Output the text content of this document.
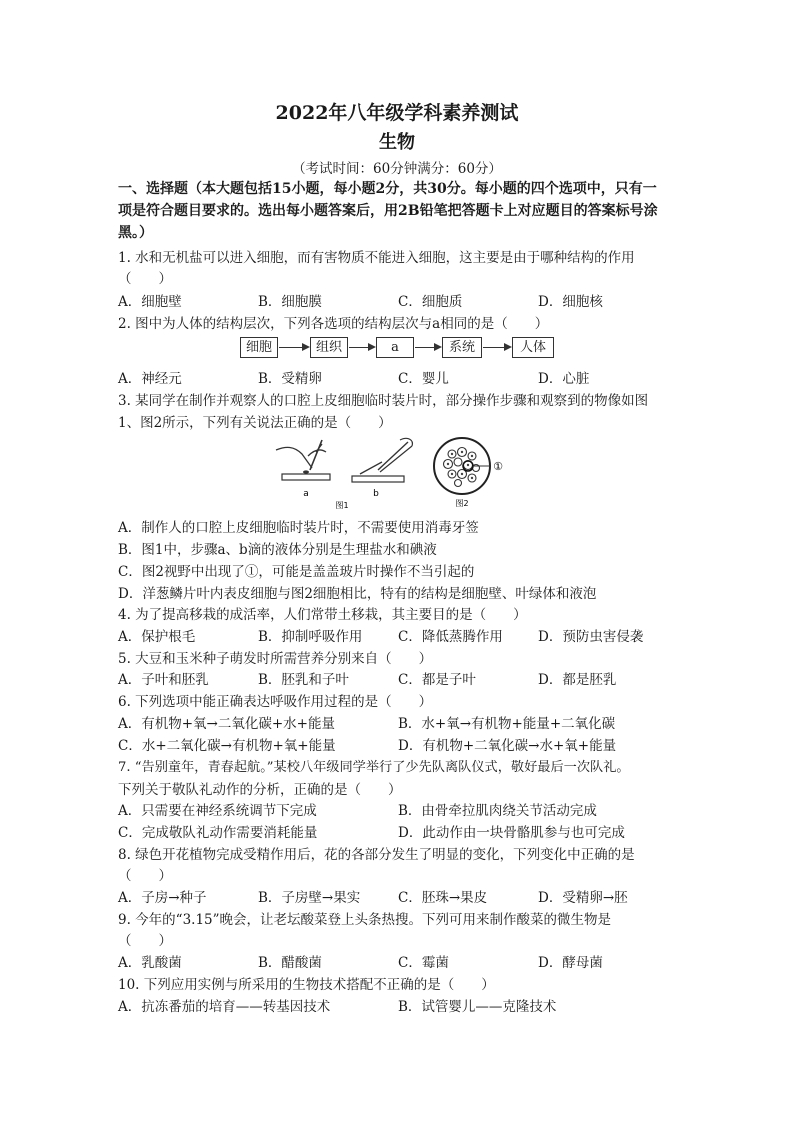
2022年八年级学科素养测试
生物
（考试时间：60分钟满分：60分）
一、选择题（本大题包括15小题，每小题2分，共30分。每小题的四个选项中，只有一
项是符合题目要求的。选出每小题答案后，用2B铅笔把答题卡上对应题目的答案标号涂
黑。）
1. 水和无机盐可以进入细胞，而有害物质不能进入细胞，这主要是由于哪种结构的作用
（　　）
A．细胞壁	B．细胞膜	C．细胞质	D．细胞核
2. 图中为人体的结构层次，下列各选项的结构层次与a相同的是（　　）
细胞	组织	a	系统	人体
A．神经元	B．受精卵	C．婴儿	D．心脏
3. 某同学在制作并观察人的口腔上皮细胞临时装片时，部分操作步骤和观察到的物像如图
1、图2所示，下列有关说法正确的是（　　）
a	b
图1
①
图2
A．制作人的口腔上皮细胞临时装片时，不需要使用消毒牙签
B．图1中，步骤a、b滴的液体分别是生理盐水和碘液
C．图2视野中出现了①，可能是盖盖玻片时操作不当引起的
D．洋葱鳞片叶内表皮细胞与图2细胞相比，特有的结构是细胞壁、叶绿体和液泡
4. 为了提高移栽的成活率，人们常带土移栽，其主要目的是（　　）
A．保护根毛	B．抑制呼吸作用	C．降低蒸腾作用	D．预防虫害侵袭
5. 大豆和玉米种子萌发时所需营养分别来自（　　）
A．子叶和胚乳	B．胚乳和子叶	C．都是子叶	D．都是胚乳
6. 下列选项中能正确表达呼吸作用过程的是（　　）
A．有机物+氧→二氧化碳+水+能量	B．水+氧→有机物+能量+二氧化碳
C．水+二氧化碳→有机物+氧+能量	D．有机物+二氧化碳→水+氧+能量
7. “告别童年，青春起航。”某校八年级同学举行了少先队离队仪式，敬好最后一次队礼。
下列关于敬队礼动作的分析，正确的是（　　）
A．只需要在神经系统调节下完成	B．由骨牵拉肌肉绕关节活动完成
C．完成敬队礼动作需要消耗能量	D．此动作由一块骨骼肌参与也可完成
8. 绿色开花植物完成受精作用后，花的各部分发生了明显的变化，下列变化中正确的是
（　　）
A．子房→种子	B．子房壁→果实	C．胚珠→果皮	D．受精卵→胚
9. 今年的“3.15”晚会，让老坛酸菜登上头条热搜。下列可用来制作酸菜的微生物是
（　　）
A．乳酸菌	B．醋酸菌	C．霉菌	D．酵母菌
10. 下列应用实例与所采用的生物技术搭配不正确的是（　　）
A．抗冻番茄的培育——转基因技术	B．试管婴儿——克隆技术
